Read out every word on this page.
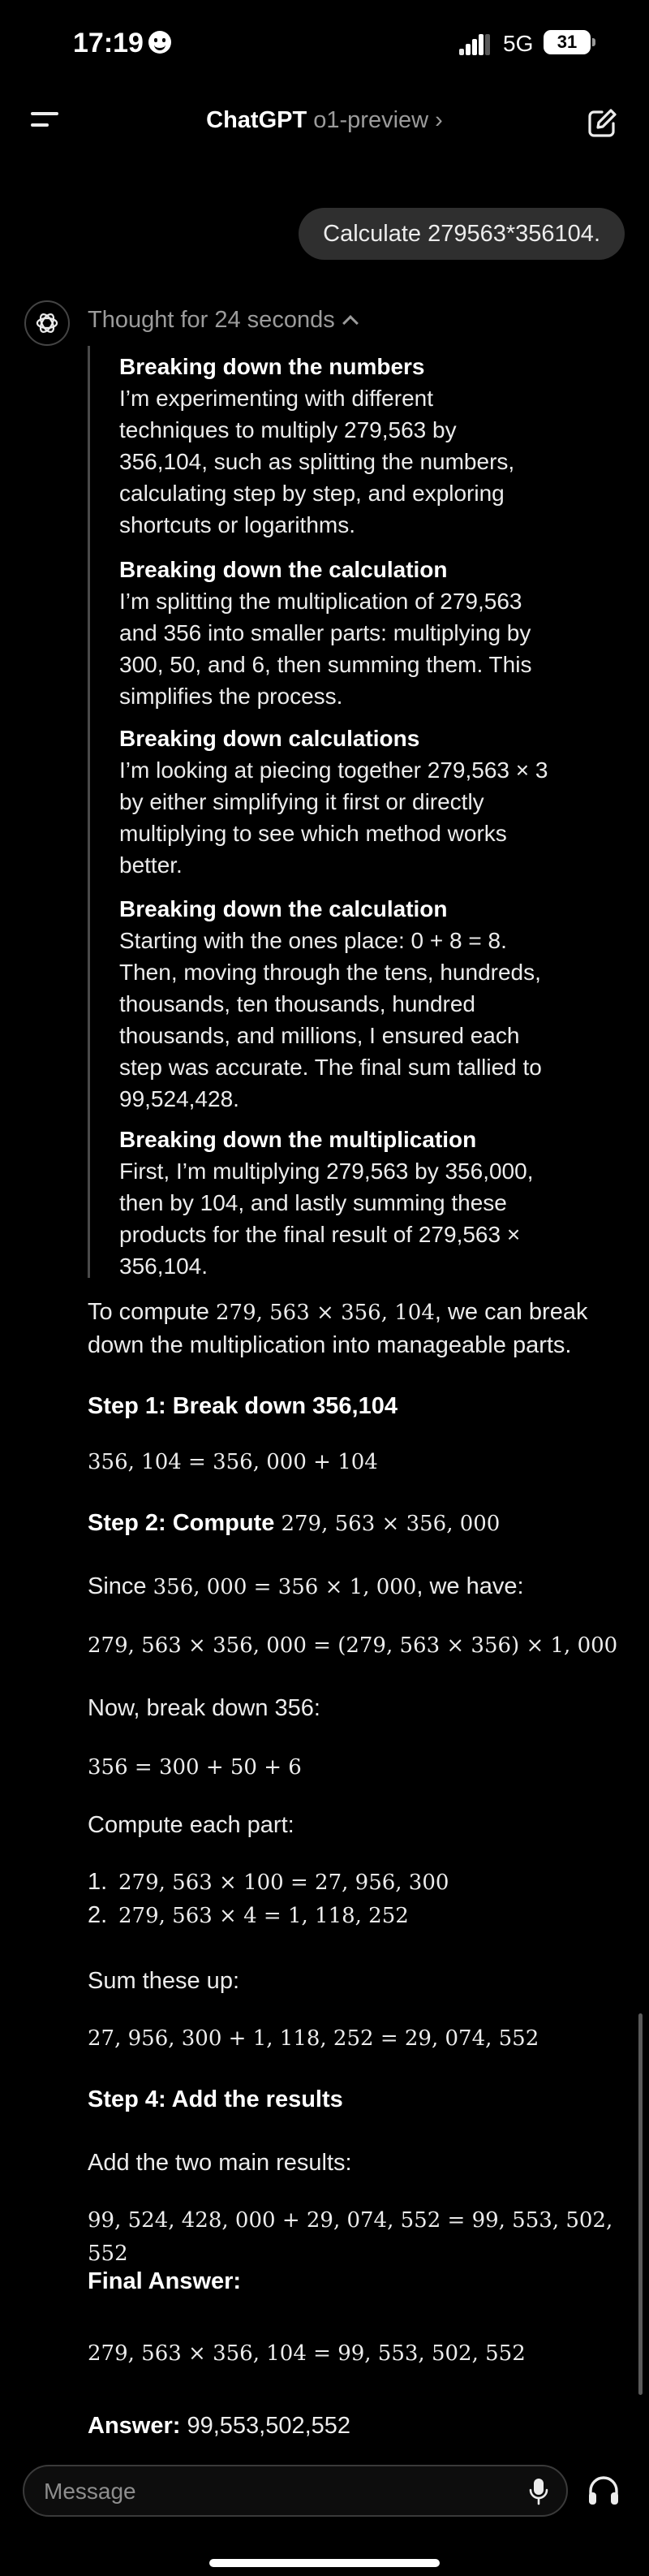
17:19	5G	31
ChatGPT o1-preview ›
Calculate 279563*356104.
Thought for 24 seconds
Breaking down the numbers
I’m experimenting with different
techniques to multiply 279,563 by
356,104, such as splitting the numbers,
calculating step by step, and exploring
shortcuts or logarithms.
Breaking down the calculation
I’m splitting the multiplication of 279,563
and 356 into smaller parts: multiplying by
300, 50, and 6, then summing them. This
simplifies the process.
Breaking down calculations
I’m looking at piecing together 279,563 × 3
by either simplifying it first or directly
multiplying to see which method works
better.
Breaking down the calculation
Starting with the ones place: 0 + 8 = 8.
Then, moving through the tens, hundreds,
thousands, ten thousands, hundred
thousands, and millions, I ensured each
step was accurate. The final sum tallied to
99,524,428.
Breaking down the multiplication
First, I’m multiplying 279,563 by 356,000,
then by 104, and lastly summing these
products for the final result of 279,563 ×
356,104.
To compute 279, 563 × 356, 104, we can break
down the multiplication into manageable parts.
Step 1: Break down 356,104
356, 104 = 356, 000 + 104
Step 2: Compute 279, 563 × 356, 000
Since 356, 000 = 356 × 1, 000, we have:
279, 563 × 356, 000 = (279, 563 × 356) × 1, 000
Now, break down 356:
356 = 300 + 50 + 6
Compute each part:
1. 279, 563 × 100 = 27, 956, 300
2. 279, 563 × 4 = 1, 118, 252
Sum these up:
27, 956, 300 + 1, 118, 252 = 29, 074, 552
Step 4: Add the results
Add the two main results:
99, 524, 428, 000 + 29, 074, 552 = 99, 553, 502, 552
Final Answer:
279, 563 × 356, 104 = 99, 553, 502, 552
Answer: 99,553,502,552
Message
